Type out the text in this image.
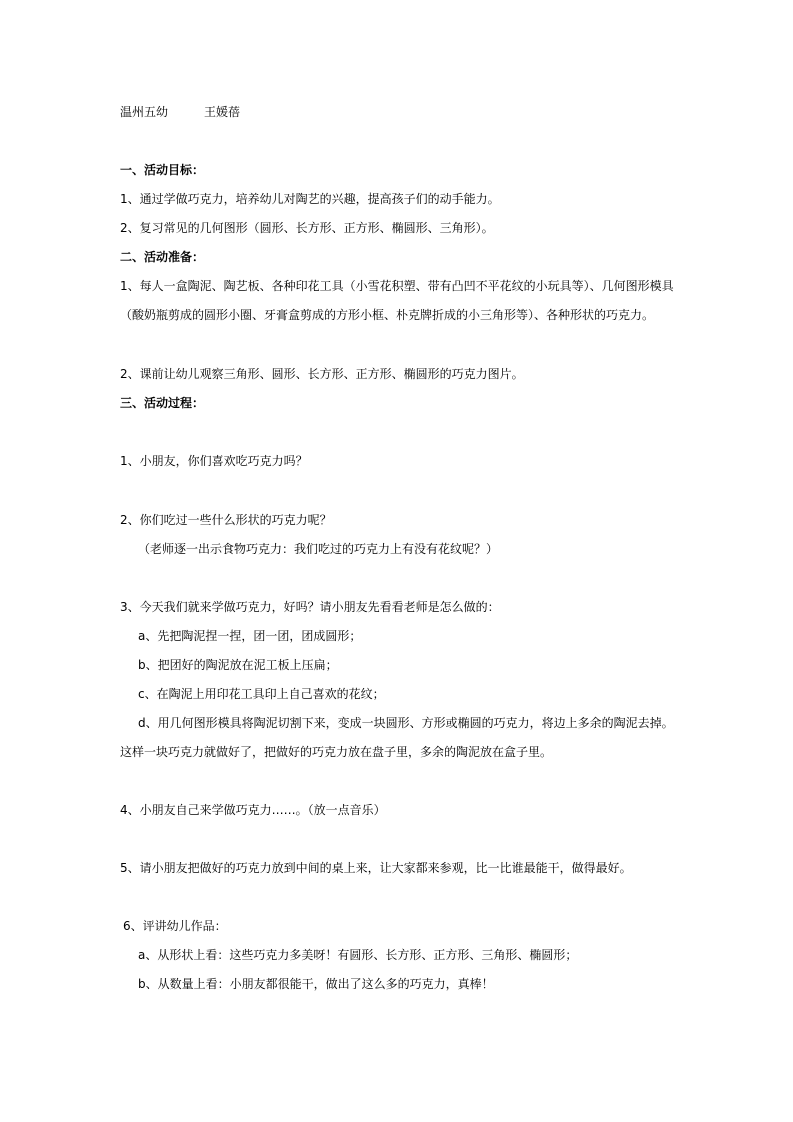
温州五幼	王媛蓓
一、活动目标：
1、通过学做巧克力，培养幼儿对陶艺的兴趣，提高孩子们的动手能力。
2、复习常见的几何图形（圆形、长方形、正方形、椭圆形、三角形）。
二、活动准备：
1、每人一盒陶泥、陶艺板、各种印花工具（小雪花积塑、带有凸凹不平花纹的小玩具等）、几何图形模具
（酸奶瓶剪成的圆形小圈、牙膏盒剪成的方形小框、朴克牌折成的小三角形等）、各种形状的巧克力。
2、课前让幼儿观察三角形、圆形、长方形、正方形、椭圆形的巧克力图片。
三、活动过程：
1、小朋友，你们喜欢吃巧克力吗？
2、你们吃过一些什么形状的巧克力呢？
（老师逐一出示食物巧克力：我们吃过的巧克力上有没有花纹呢？）
3、今天我们就来学做巧克力，好吗？请小朋友先看看老师是怎么做的：
a、先把陶泥捏一捏，团一团，团成圆形；
b、把团好的陶泥放在泥工板上压扁；
c、在陶泥上用印花工具印上自己喜欢的花纹；
d、用几何图形模具将陶泥切割下来，变成一块圆形、方形或椭圆的巧克力，将边上多余的陶泥去掉。
这样一块巧克力就做好了，把做好的巧克力放在盘子里，多余的陶泥放在盒子里。
4、小朋友自己来学做巧克力……。（放一点音乐）
5、请小朋友把做好的巧克力放到中间的桌上来，让大家都来参观，比一比谁最能干，做得最好。
6、评讲幼儿作品：
a、从形状上看：这些巧克力多美呀！有圆形、长方形、正方形、三角形、椭圆形；
b、从数量上看：小朋友都很能干，做出了这么多的巧克力，真棒！
